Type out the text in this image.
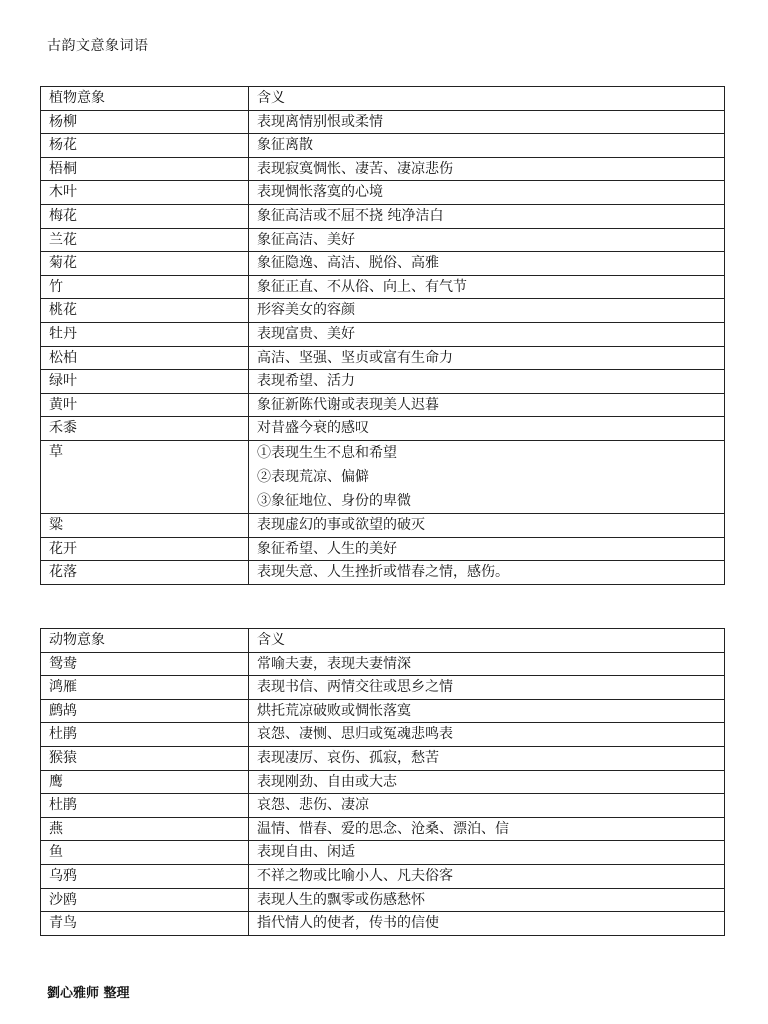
古韵文意象词语
植物意象	含义
杨柳	表现离情别恨或柔情
杨花	象征离散
梧桐	表现寂寞惆怅、凄苦、凄凉悲伤
木叶	表现惆怅落寞的心境
梅花	象征高洁或不屈不挠 纯净洁白
兰花	象征高洁、美好
菊花	象征隐逸、高洁、脱俗、高雅
竹	象征正直、不从俗、向上、有气节
桃花	形容美女的容颜
牡丹	表现富贵、美好
松柏	高洁、坚强、坚贞或富有生命力
绿叶	表现希望、活力
黄叶	象征新陈代谢或表现美人迟暮
禾黍	对昔盛今衰的感叹
草	①表现生生不息和希望
②表现荒凉、偏僻
③象征地位、身份的卑微

粱	表现虚幻的事或欲望的破灭
花开	象征希望、人生的美好
花落	表现失意、人生挫折或惜春之情，感伤。
动物意象	含义
鸳鸯	常喻夫妻，表现夫妻情深
鸿雁	表现书信、两情交往或思乡之情
鹧鸪	烘托荒凉破败或惆怅落寞
杜鹃	哀怨、凄恻、思归或冤魂悲鸣表
猴猿	表现凄厉、哀伤、孤寂，愁苦
鹰	表现刚劲、自由或大志
杜鹃	哀怨、悲伤、凄凉
燕	温情、惜春、爱的思念、沧桑、漂泊、信
鱼	表现自由、闲适
乌鸦	不祥之物或比喻小人、凡夫俗客
沙鸥	表现人生的飘零或伤感愁怀
青鸟	指代情人的使者，传书的信使
劉心雅师 整理
